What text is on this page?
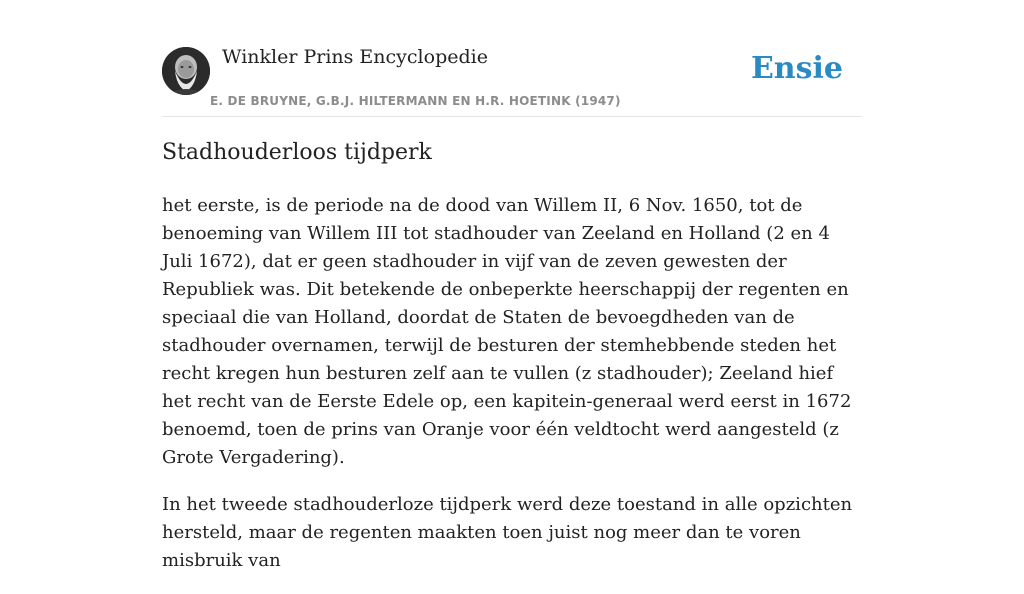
Winkler Prins Encyclopedie
E. DE BRUYNE, G.B.J. HILTERMANN EN H.R. HOETINK (1947)
Ensie
Stadhouderloos tijdperk

het eerste, is de periode na de dood van Willem II, 6 Nov. 1650, tot de benoeming van Willem III tot stadhouder van Zeeland en Holland (2 en 4 Juli 1672), dat er geen stadhouder in vijf van de zeven gewesten der Republiek was. Dit betekende de onbeperkte heerschappij der regenten en speciaal die van Holland, doordat de Staten de bevoegdheden van de stadhouder overnamen, terwijl de besturen der stemhebbende steden het recht kregen hun besturen zelf aan te vullen (z stadhouder); Zeeland hief het recht van de Eerste Edele op, een kapitein-generaal werd eerst in 1672 benoemd, toen de prins van Oranje voor één veldtocht werd aangesteld (z Grote Vergadering).

In het tweede stadhouderloze tijdperk werd deze toestand in alle opzichten hersteld, maar de regenten maakten toen juist nog meer dan te voren misbruik van
